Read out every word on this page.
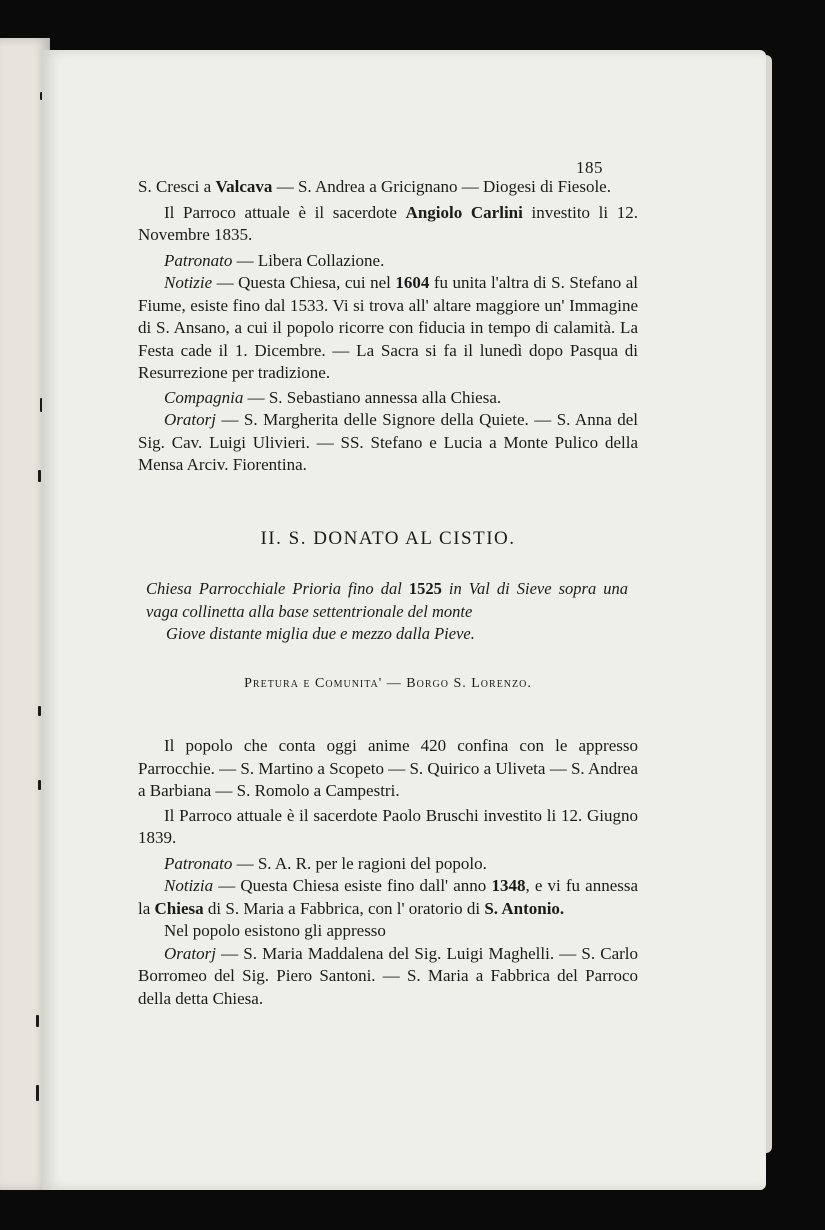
185
S. Cresci a Valcava — S. Andrea a Gricignano — Diogesi di Fiesole.
Il Parroco attuale è il sacerdote Angiolo Carlini investito li 12. Novembre 1835.
Patronato — Libera Collazione.
Notizie — Questa Chiesa, cui nel 1604 fu unita l'altra di S. Stefano al Fiume, esiste fino dal 1533. Vi si trova all' altare maggiore un' Immagine di S. Ansano, a cui il popolo ricorre con fiducia in tempo di calamità. La Festa cade il 1. Dicembre. — La Sacra si fa il lunedì dopo Pasqua di Resurrezione per tradizione.
Compagnia — S. Sebastiano annessa alla Chiesa.
Oratorj — S. Margherita delle Signore della Quiete. — S. Anna del Sig. Cav. Luigi Ulivieri. — SS. Stefano e Lucia a Monte Pulico della Mensa Arciv. Fiorentina.
II. S. DONATO AL CISTIO.
Chiesa Parrocchiale Prioria fino dal 1525 in Val di Sieve sopra una vaga collinetta alla base settentrionale del monte
Giove distante miglia due e mezzo dalla Pieve.
Pretura e Comunita' — Borgo S. Lorenzo.
Il popolo che conta oggi anime 420 confina con le appresso Parrocchie. — S. Martino a Scopeto — S. Quirico a Uliveta — S. Andrea a Barbiana — S. Romolo a Campestri.
Il Parroco attuale è il sacerdote Paolo Bruschi investito li 12. Giugno 1839.
Patronato — S. A. R. per le ragioni del popolo.
Notizia — Questa Chiesa esiste fino dall' anno 1348, e vi fu annessa la Chiesa di S. Maria a Fabbrica, con l' oratorio di S. Antonio.
Nel popolo esistono gli appresso
Oratorj — S. Maria Maddalena del Sig. Luigi Maghelli. — S. Carlo Borromeo del Sig. Piero Santoni. — S. Maria a Fabbrica del Parroco della detta Chiesa.
